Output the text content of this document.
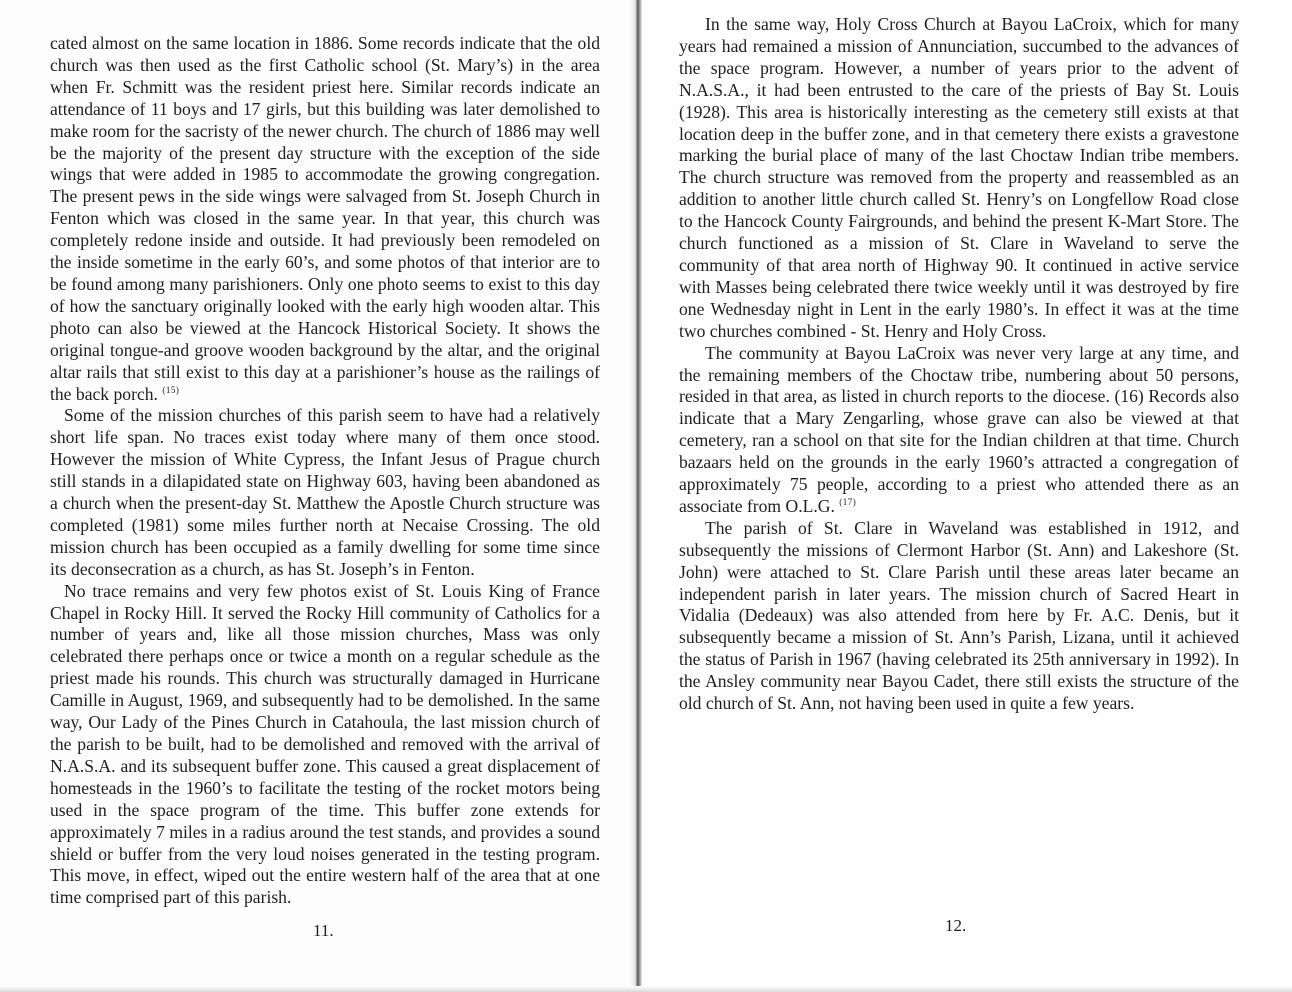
cated almost on the same location in 1886. Some records indicate that the old church was then used as the first Catholic school (St. Mary’s) in the area when Fr. Schmitt was the resident priest here. Similar records indicate an attendance of 11 boys and 17 girls, but this building was later demolished to make room for the sacristy of the newer church. The church of 1886 may well be the majority of the present day structure with the exception of the side wings that were added in 1985 to accommodate the growing congregation. The present pews in the side wings were salvaged from St. Joseph Church in Fenton which was closed in the same year. In that year, this church was completely redone inside and outside. It had previously been remodeled on the inside sometime in the early 60’s, and some photos of that interior are to be found among many parishioners. Only one photo seems to exist to this day of how the sanctuary originally looked with the early high wooden altar. This photo can also be viewed at the Hancock Historical Society. It shows the original tongue-and groove wooden background by the altar, and the original altar rails that still exist to this day at a parishioner’s house as the railings of the back porch. $^{(15)}$

Some of the mission churches of this parish seem to have had a relatively short life span. No traces exist today where many of them once stood. However the mission of White Cypress, the Infant Jesus of Prague church still stands in a dilapidated state on Highway 603, having been abandoned as a church when the present-day St. Matthew the Apostle Church structure was completed (1981) some miles further north at Necaise Crossing. The old mission church has been occupied as a family dwelling for some time since its deconsecration as a church, as has St. Joseph’s in Fenton.

No trace remains and very few photos exist of St. Louis King of France Chapel in Rocky Hill. It served the Rocky Hill community of Catholics for a number of years and, like all those mission churches, Mass was only celebrated there perhaps once or twice a month on a regular schedule as the priest made his rounds. This church was structurally damaged in Hurricane Camille in August, 1969, and subsequently had to be demolished. In the same way, Our Lady of the Pines Church in Catahoula, the last mission church of the parish to be built, had to be demolished and removed with the arrival of N.A.S.A. and its subsequent buffer zone. This caused a great displacement of homesteads in the 1960’s to facilitate the testing of the rocket motors being used in the space program of the time. This buffer zone extends for approximately 7 miles in a radius around the test stands, and provides a sound shield or buffer from the very loud noises generated in the testing program. This move, in effect, wiped out the entire western half of the area that at one time comprised part of this parish.

11.

In the same way, Holy Cross Church at Bayou LaCroix, which for many years had remained a mission of Annunciation, succumbed to the advances of the space program. However, a number of years prior to the advent of N.A.S.A., it had been entrusted to the care of the priests of Bay St. Louis (1928). This area is historically interesting as the cemetery still exists at that location deep in the buffer zone, and in that cemetery there exists a gravestone marking the burial place of many of the last Choctaw Indian tribe members. The church structure was removed from the property and reassembled as an addition to another little church called St. Henry’s on Longfellow Road close to the Hancock County Fairgrounds, and behind the present K-Mart Store. The church functioned as a mission of St. Clare in Waveland to serve the community of that area north of Highway 90. It continued in active service with Masses being celebrated there twice weekly until it was destroyed by fire one Wednesday night in Lent in the early 1980’s. In effect it was at the time two churches combined - St. Henry and Holy Cross.

The community at Bayou LaCroix was never very large at any time, and the remaining members of the Choctaw tribe, numbering about 50 persons, resided in that area, as listed in church reports to the diocese. (16) Records also indicate that a Mary Zengarling, whose grave can also be viewed at that cemetery, ran a school on that site for the Indian children at that time. Church bazaars held on the grounds in the early 1960’s attracted a congregation of approximately 75 people, according to a priest who attended there as an associate from O.L.G. $^{(17)}$

The parish of St. Clare in Waveland was established in 1912, and subsequently the missions of Clermont Harbor (St. Ann) and Lakeshore (St. John) were attached to St. Clare Parish until these areas later became an independent parish in later years. The mission church of Sacred Heart in Vidalia (Dedeaux) was also attended from here by Fr. A.C. Denis, but it subsequently became a mission of St. Ann’s Parish, Lizana, until it achieved the status of Parish in 1967 (having celebrated its 25th anniversary in 1992). In the Ansley community near Bayou Cadet, there still exists the structure of the old church of St. Ann, not having been used in quite a few years.

12.
